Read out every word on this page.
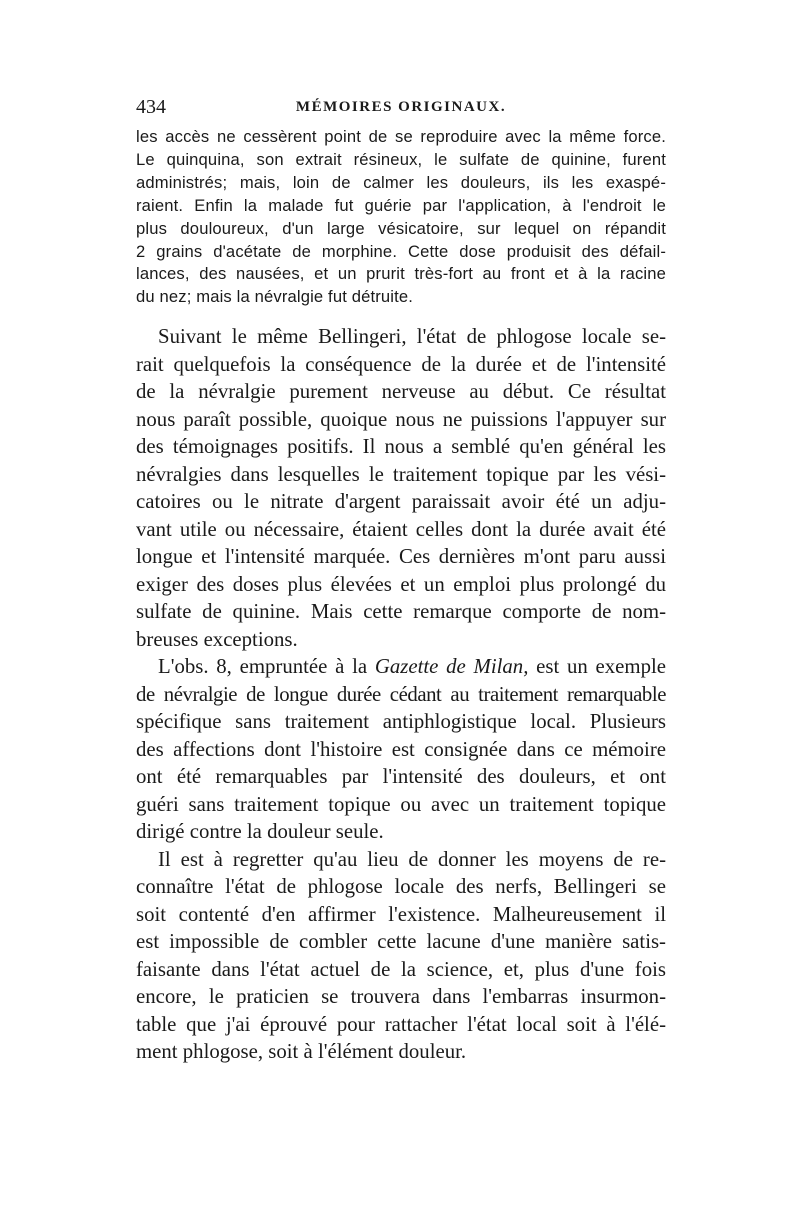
434	MÉMOIRES ORIGINAUX.

les accès ne cessèrent point de se reproduire avec la même force.
Le quinquina, son extrait résineux, le sulfate de quinine, furent
administrés; mais, loin de calmer les douleurs, ils les exaspé-
raient. Enfin la malade fut guérie par l'application, à l'endroit le
plus douloureux, d'un large vésicatoire, sur lequel on répandit
2 grains d'acétate de morphine. Cette dose produisit des défail-
lances, des nausées, et un prurit très-fort au front et à la racine
du nez; mais la névralgie fut détruite.

Suivant le même Bellingeri, l'état de phlogose locale se-
rait quelquefois la conséquence de la durée et de l'intensité
de la névralgie purement nerveuse au début. Ce résultat
nous paraît possible, quoique nous ne puissions l'appuyer sur
des témoignages positifs. Il nous a semblé qu'en général les
névralgies dans lesquelles le traitement topique par les vési-
catoires ou le nitrate d'argent paraissait avoir été un adju-
vant utile ou nécessaire, étaient celles dont la durée avait été
longue et l'intensité marquée. Ces dernières m'ont paru aussi
exiger des doses plus élevées et un emploi plus prolongé du
sulfate de quinine. Mais cette remarque comporte de nom-
breuses exceptions.

L'obs. 8, empruntée à la Gazette de Milan, est un exemple
de névralgie de longue durée cédant au traitement remarquable
spécifique sans traitement antiphlogistique local. Plusieurs
des affections dont l'histoire est consignée dans ce mémoire
ont été remarquables par l'intensité des douleurs, et ont
guéri sans traitement topique ou avec un traitement topique
dirigé contre la douleur seule.

Il est à regretter qu'au lieu de donner les moyens de re-
connaître l'état de phlogose locale des nerfs, Bellingeri se
soit contenté d'en affirmer l'existence. Malheureusement il
est impossible de combler cette lacune d'une manière satis-
faisante dans l'état actuel de la science, et, plus d'une fois
encore, le praticien se trouvera dans l'embarras insurmon-
table que j'ai éprouvé pour rattacher l'état local soit à l'élé-
ment phlogose, soit à l'élément douleur.
